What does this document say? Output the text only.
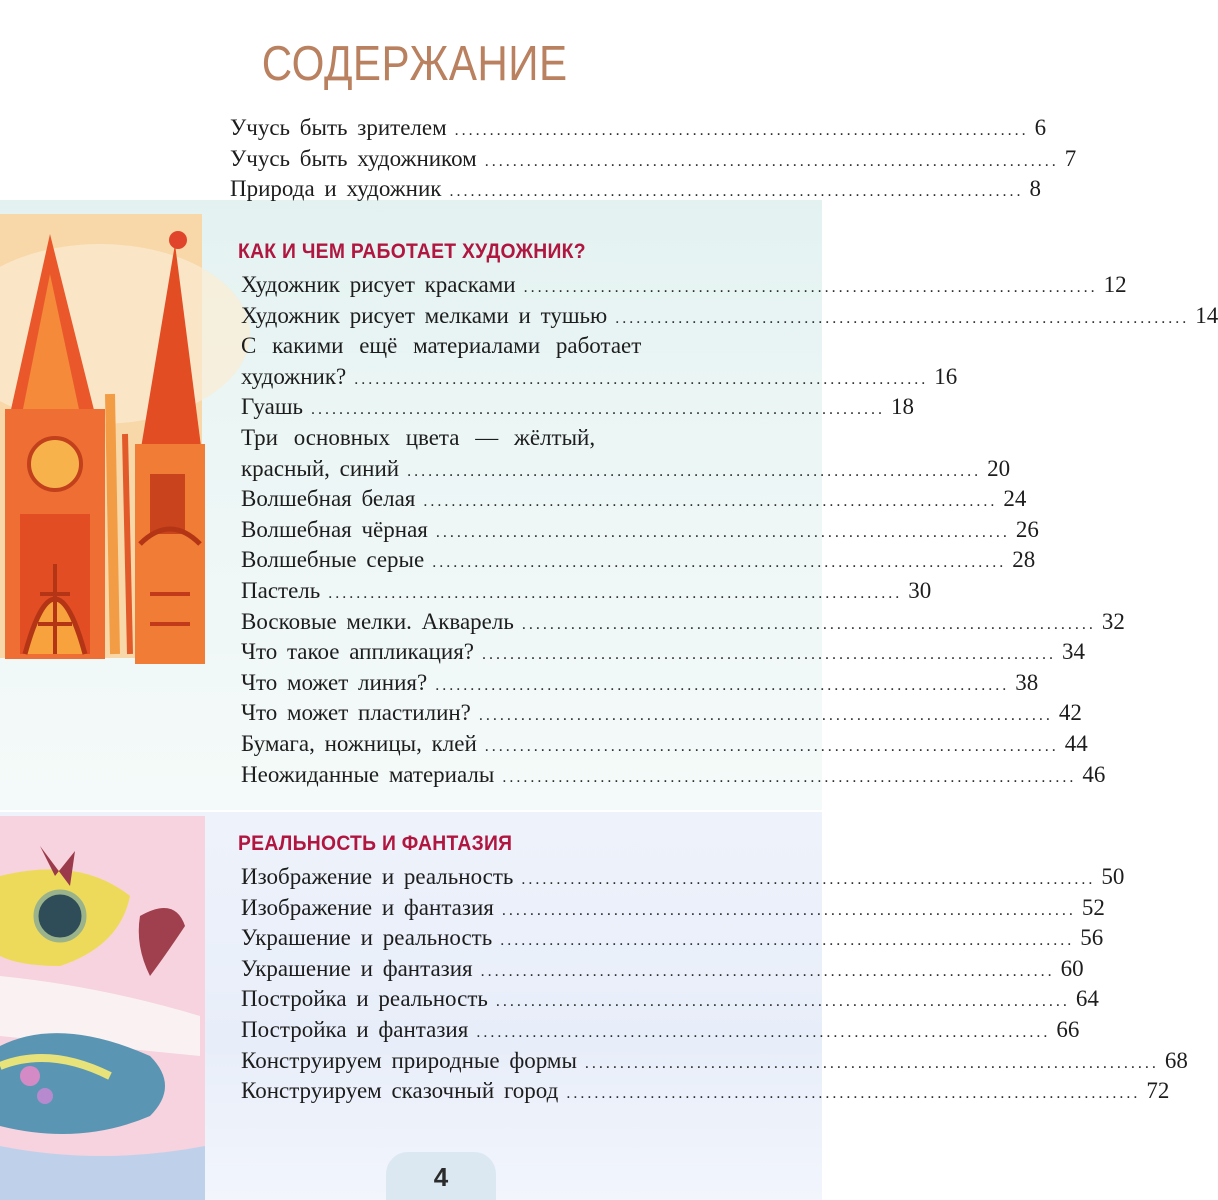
СОДЕРЖАНИЕ
4
Учусь быть зрителем .................................................................................. 6
Учусь быть художником .................................................................................. 7
Природа и художник .................................................................................. 8
КАК И ЧЕМ РАБОТАЕТ ХУДОЖНИК?
Художник рисует красками .................................................................................. 12
Художник рисует мелками и тушью .................................................................................. 14
С какими ещё материалами работает
художник? .................................................................................. 16
Гуашь .................................................................................. 18
Три основных цвета — жёлтый,
красный, синий .................................................................................. 20
Волшебная белая .................................................................................. 24
Волшебная чёрная .................................................................................. 26
Волшебные серые .................................................................................. 28
Пастель .................................................................................. 30
Восковые мелки. Акварель .................................................................................. 32
Что такое аппликация? .................................................................................. 34
Что может линия? .................................................................................. 38
Что может пластилин? .................................................................................. 42
Бумага, ножницы, клей .................................................................................. 44
Неожиданные материалы .................................................................................. 46
РЕАЛЬНОСТЬ И ФАНТАЗИЯ
Изображение и реальность .................................................................................. 50
Изображение и фантазия .................................................................................. 52
Украшение и реальность .................................................................................. 56
Украшение и фантазия .................................................................................. 60
Постройка и реальность .................................................................................. 64
Постройка и фантазия .................................................................................. 66
Конструируем природные формы .................................................................................. 68
Конструируем сказочный город .................................................................................. 72
